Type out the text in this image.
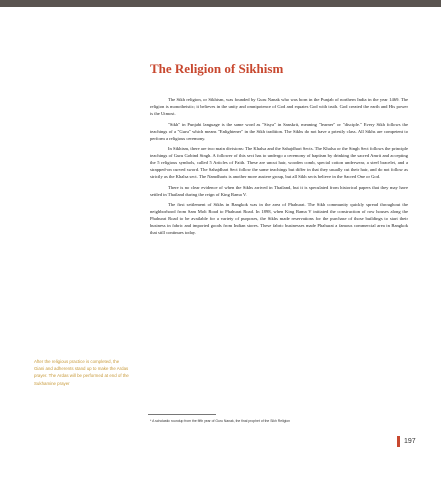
The Religion of Sikhism

The Sikh religion, or Sikhism, was founded by Guru Nanak who was born in the Punjab of northern India in the year 1469. The religion is monotheistic; it believes in the unity and omnipotence of God and equates God with truth. God created the earth and His power is the Utmost.

"Sikh" in Punjabi language is the same word as "Sisya" in Sanskrit, meaning "learner" or "disciple." Every Sikh follows the teachings of a "Guru" which means "Enlightener" in the Sikh tradition. The Sikhs do not have a priestly class. All Sikhs are competent to perform a religious ceremony.

In Sikhism, there are two main divisions: The Khalsa and the Sahajdhari Sects. The Khalsa or the Singh Sect follows the principle teachings of Guru Gobind Singh. A follower of this sect has to undergo a ceremony of baptism by drinking the sacred Amrit and accepting the 5 religious symbols, called 5 Articles of Faith. These are uncut hair, wooden comb, special cotton underwear, a steel bracelet, and a strapped-on curved sword. The Sahajdhari Sect follow the same teachings but differ in that they usually cut their hair, and do not follow as strictly as the Khalsa sect. The Namdharis is another more austere group, but all Sikh sects believe in the Sacred One or God.

There is no clear evidence of when the Sikhs arrived in Thailand, but it is speculated from historical papers that they may have settled in Thailand during the reign of King Rama V.

The first settlement of Sikhs in Bangkok was in the area of Phahurat. The Sikh community quickly spread throughout the neighborhood from Sam Molt Road to Phahurat Road. In 1898, when King Rama V initiated the construction of row houses along the Phahurat Road to be available for a variety of purposes, the Sikhs made reservations for the purchase of those buildings to start their business in fabric and imported goods from Indian stores. These fabric businesses made Phahurat a famous commercial area in Bangkok that still continues today.

After the religious practice is completed, the Giani and adherents stand up to make the Ardas prayer. The Ardas will be performed at end of the Sukhamine prayer
* A scholastic roundup from the fifth year of Guru Nanak, the final prophet of the Sikh Religion
197
